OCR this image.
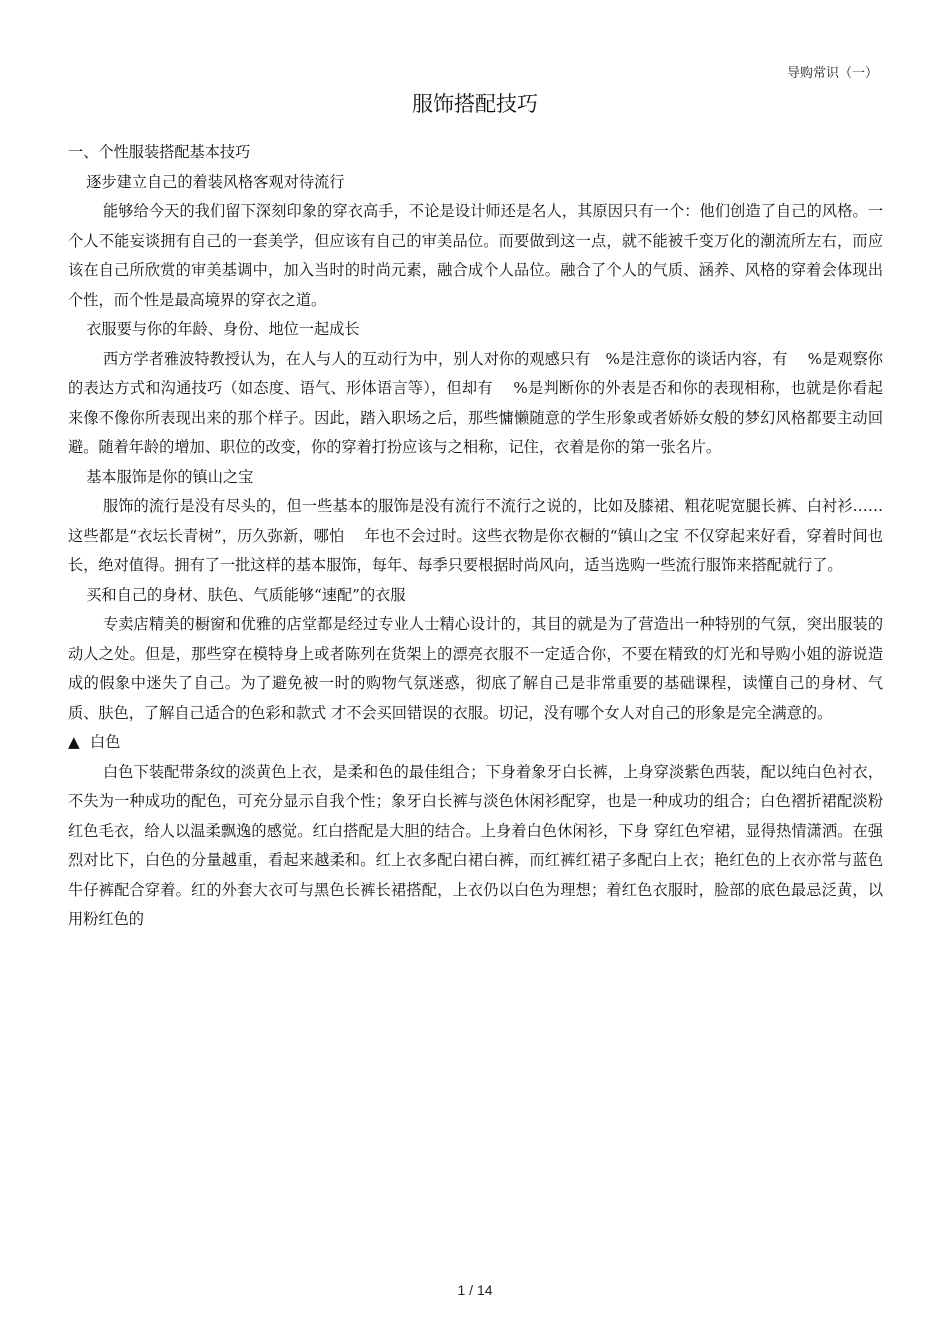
导购常识（一）
服饰搭配技巧

一、个性服装搭配基本技巧

逐步建立自己的着装风格客观对待流行

能够给今天的我们留下深刻印象的穿衣高手，不论是设计师还是名人，其原因只有一个：他们创造了自己的风格。一个人不能妄谈拥有自己的一套美学，但应该有自己的审美品位。而要做到这一点，就不能被千变万化的潮流所左右，而应该在自己所欣赏的审美基调中，加入当时的时尚元素，融合成个人品位。融合了个人的气质、涵养、风格的穿着会体现出个性，而个性是最高境界的穿衣之道。

衣服要与你的年龄、身份、地位一起成长

西方学者雅波特教授认为，在人与人的互动行为中，别人对你的观感只有　%是注意你的谈话内容，有　 %是观察你的表达方式和沟通技巧（如态度、语气、形体语言等），但却有　 %是判断你的外表是否和你的表现相称，也就是你看起来像不像你所表现出来的那个样子。因此，踏入职场之后，那些慵懒随意的学生形象或者娇娇女般的梦幻风格都要主动回避。随着年龄的增加、职位的改变，你的穿着打扮应该与之相称，记住，衣着是你的第一张名片。

基本服饰是你的镇山之宝

服饰的流行是没有尽头的，但一些基本的服饰是没有流行不流行之说的，比如及膝裙、粗花呢宽腿长裤、白衬衫……这些都是“衣坛长青树”，历久弥新，哪怕　 年也不会过时。这些衣物是你衣橱的“镇山之宝 不仅穿起来好看，穿着时间也长，绝对值得。拥有了一批这样的基本服饰，每年、每季只要根据时尚风向，适当选购一些流行服饰来搭配就行了。

买和自己的身材、肤色、气质能够“速配”的衣服

专卖店精美的橱窗和优雅的店堂都是经过专业人士精心设计的，其目的就是为了营造出一种特别的气氛，突出服装的动人之处。但是，那些穿在模特身上或者陈列在货架上的漂亮衣服不一定适合你，不要在精致的灯光和导购小姐的游说造成的假象中迷失了自己。为了避免被一时的购物气氛迷惑，彻底了解自己是非常重要的基础课程，读懂自己的身材、气质、肤色，了解自己适合的色彩和款式 才不会买回错误的衣服。切记，没有哪个女人对自己的形象是完全满意的。

▲ 白色

白色下装配带条纹的淡黄色上衣，是柔和色的最佳组合；下身着象牙白长裤，上身穿淡紫色西装，配以纯白色衬衣，不失为一种成功的配色，可充分显示自我个性；象牙白长裤与淡色休闲衫配穿，也是一种成功的组合；白色褶折裙配淡粉红色毛衣，给人以温柔飘逸的感觉。红白搭配是大胆的结合。上身着白色休闲衫，下身 穿红色窄裙，显得热情潇洒。在强烈对比下，白色的分量越重，看起来越柔和。红上衣多配白裙白裤，而红裤红裙子多配白上衣；艳红色的上衣亦常与蓝色牛仔裤配合穿着。红的外套大衣可与黑色长裤长裙搭配，上衣仍以白色为理想；着红色衣服时，脸部的底色最忌泛黄，以用粉红色的

1 / 14
